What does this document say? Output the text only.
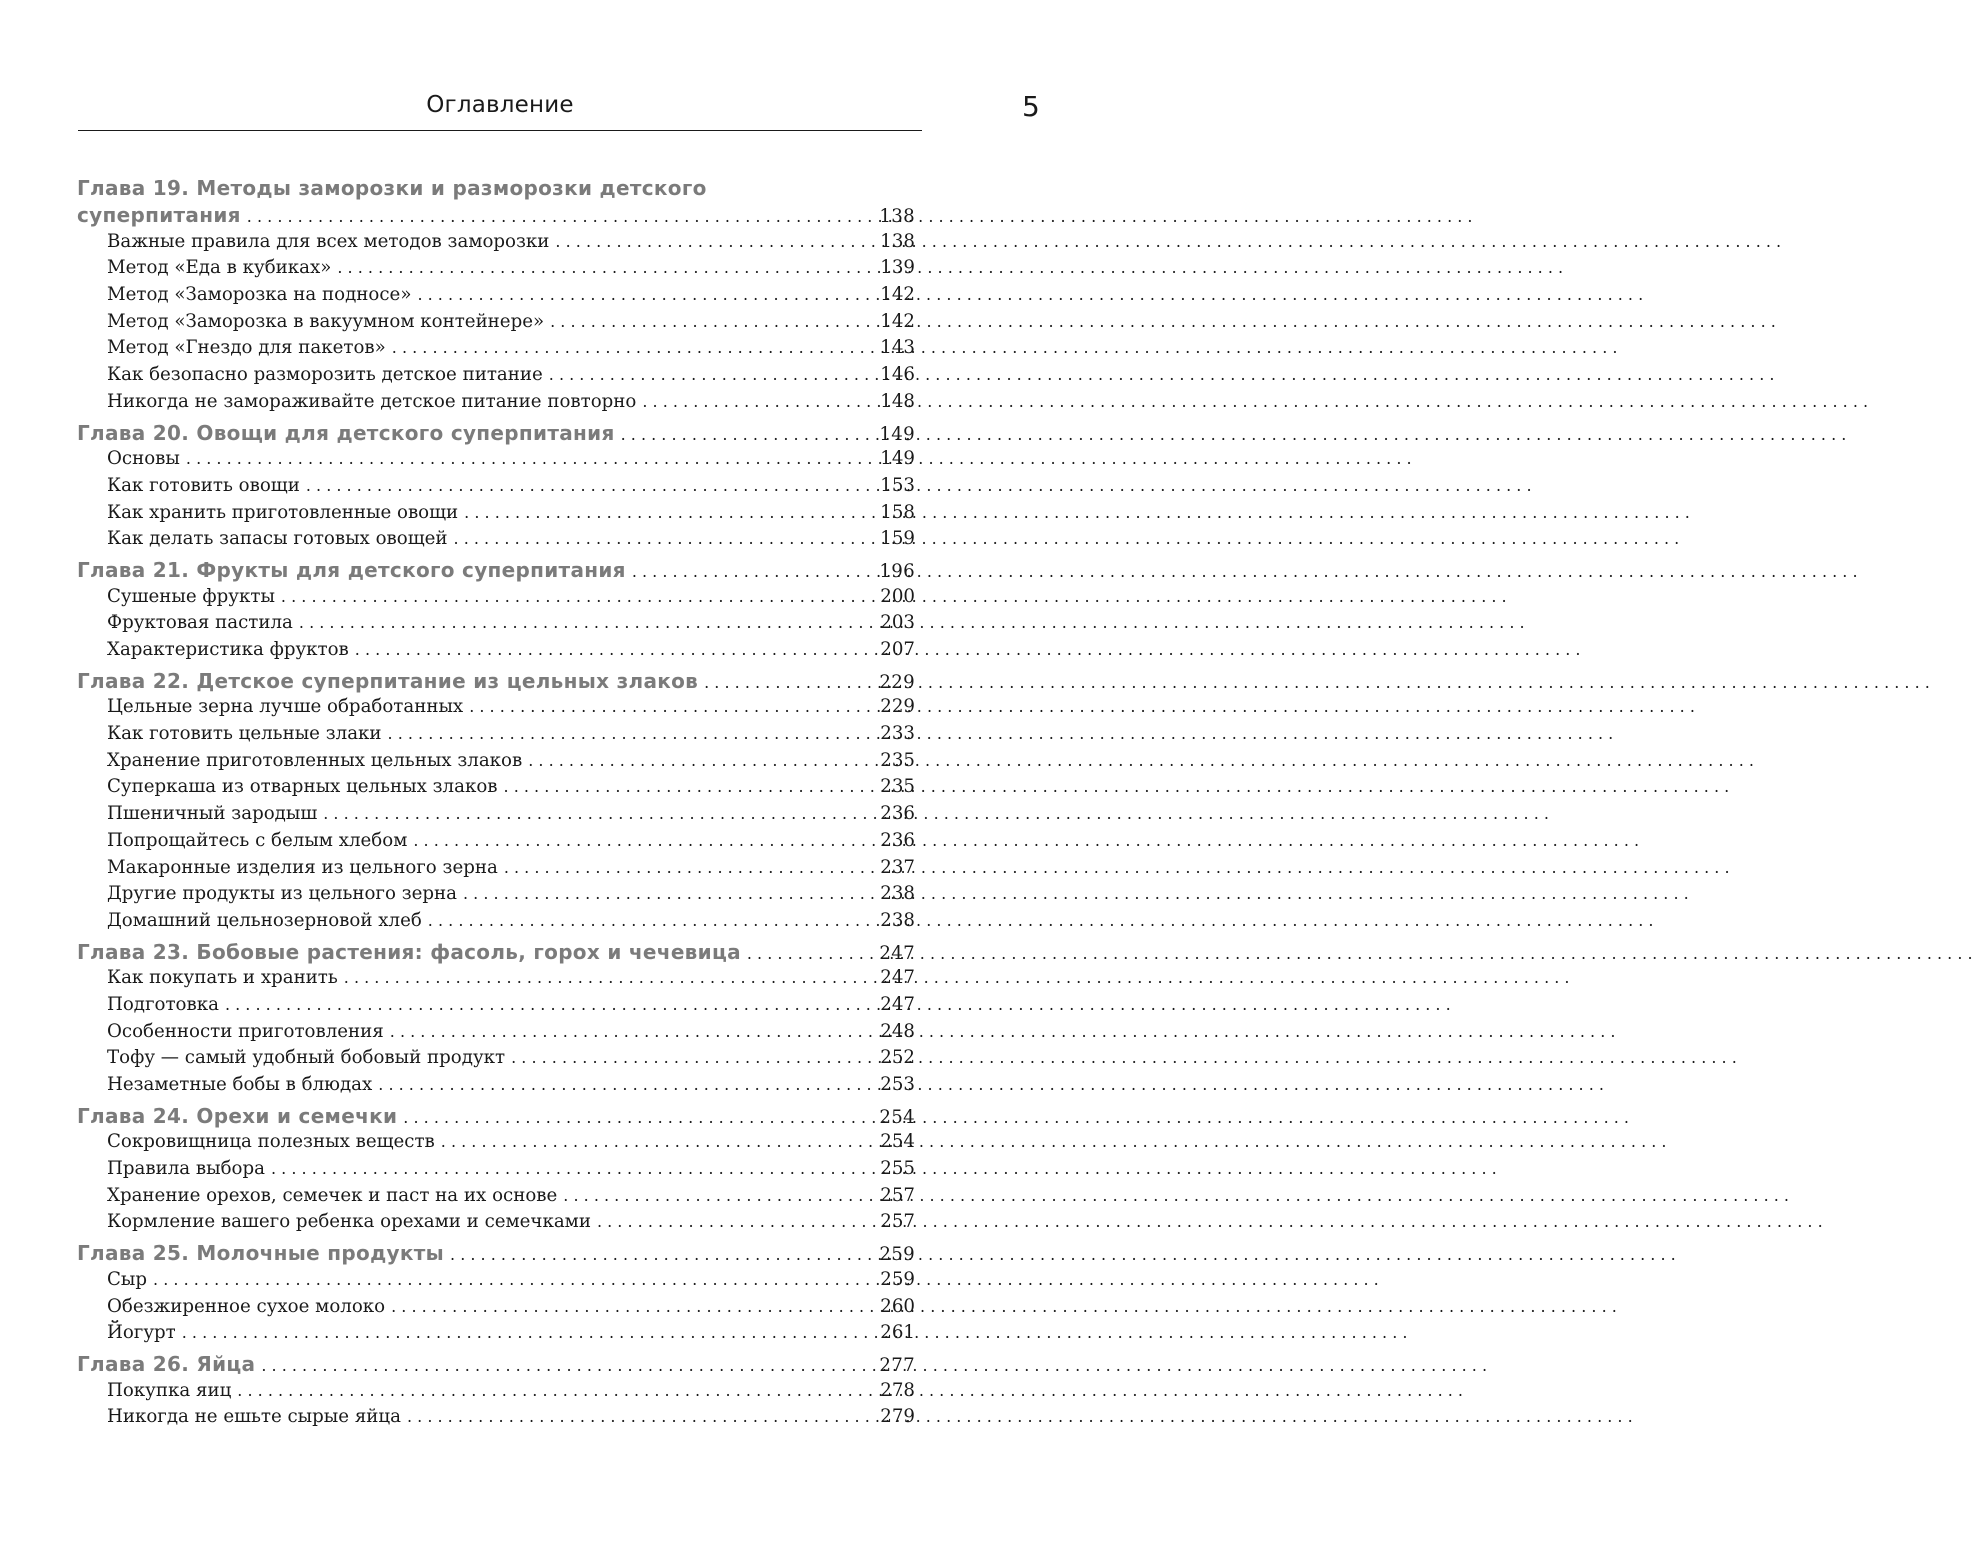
Оглавление	5
Глава 19. Методы заморозки и разморозки детского
суперпитания . . .	138
Важные правила для всех методов заморозки . . .	138
Метод «Еда в кубиках» . . .	139
Метод «Заморозка на подносе» . . .	142
Метод «Заморозка в вакуумном контейнере» . . .	142
Метод «Гнездо для пакетов» . . .	143
Как безопасно разморозить детское питание . . .	146
Никогда не замораживайте детское питание повторно . . .	148
Глава 20. Овощи для детского суперпитания . . .	149
Основы . . .	149
Как готовить овощи . . .	153
Как хранить приготовленные овощи . . .	158
Как делать запасы готовых овощей . . .	159
Глава 21. Фрукты для детского суперпитания . . .	196
Сушеные фрукты . . .	200
Фруктовая пастила . . .	203
Характеристика фруктов . . .	207
Глава 22. Детское суперпитание из цельных злаков . . .	229
Цельные зерна лучше обработанных . . .	229
Как готовить цельные злаки . . .	233
Хранение приготовленных цельных злаков . . .	235
Суперкаша из отварных цельных злаков . . .	235
Пшеничный зародыш . . .	236
Попрощайтесь с белым хлебом . . .	236
Макаронные изделия из цельного зерна . . .	237
Другие продукты из цельного зерна . . .	238
Домашний цельнозерновой хлеб . . .	238
Глава 23. Бобовые растения: фасоль, горох и чечевица . . .	247
Как покупать и хранить . . .	247
Подготовка . . .	247
Особенности приготовления . . .	248
Тофу — самый удобный бобовый продукт . . .	252
Незаметные бобы в блюдах . . .	253
Глава 24. Орехи и семечки . . .	254
Сокровищница полезных веществ . . .	254
Правила выбора . . .	255
Хранение орехов, семечек и паст на их основе . . .	257
Кормление вашего ребенка орехами и семечками . . .	257
Глава 25. Молочные продукты . . .	259
Сыр . . .	259
Обезжиренное сухое молоко . . .	260
Йогурт . . .	261
Глава 26. Яйца . . .	277
Покупка яиц . . .	278
Никогда не ешьте сырые яйца . . .	279
